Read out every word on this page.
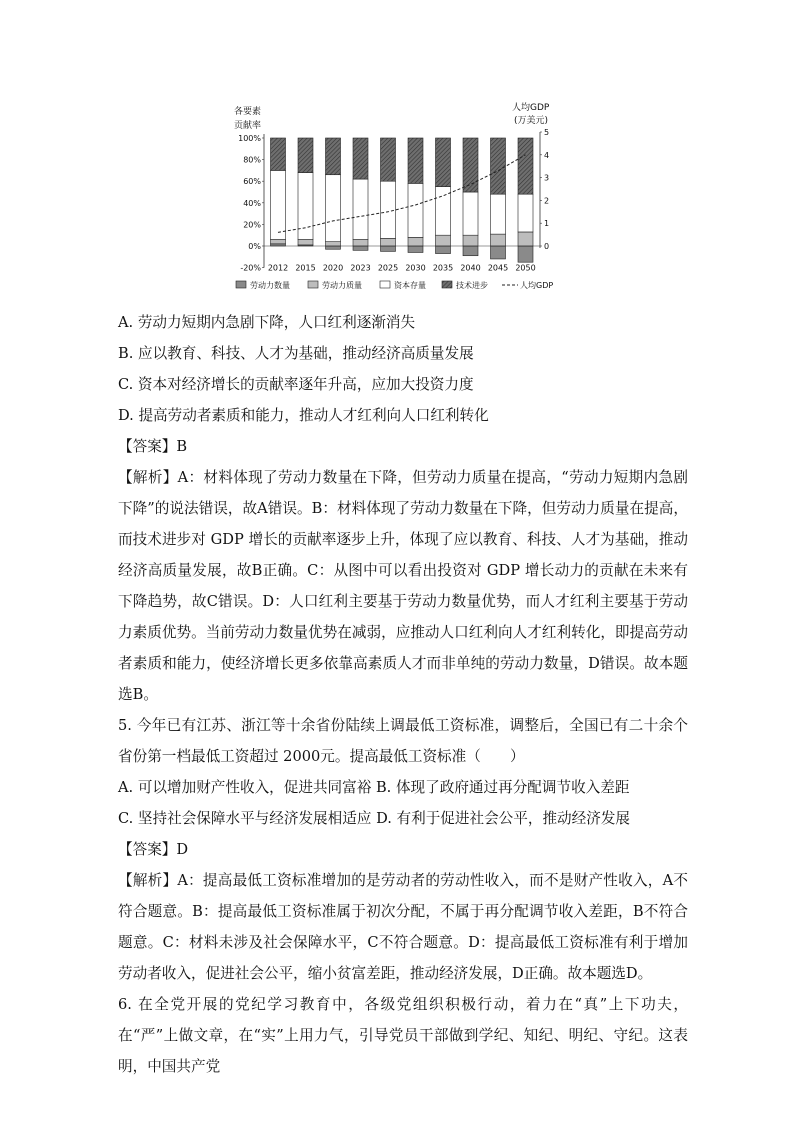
各要素
贡献率
人均GDP
(万美元)
100%
80%
60%
40%
20%
0%
-20%
5
4
3
2
1
0
2012 2015 2020 2023 2025 2030 2035 2040 2045 2050
劳动力数量	劳动力质量	资本存量	技术进步	人均GDP
A. 劳动力短期内急剧下降，人口红利逐渐消失
B. 应以教育、科技、人才为基础，推动经济高质量发展
C. 资本对经济增长的贡献率逐年升高，应加大投资力度
D. 提高劳动者素质和能力，推动人才红利向人口红利转化
【答案】B
【解析】A：材料体现了劳动力数量在下降，但劳动力质量在提高，“劳动力短期内急剧下降”的说法错误，故A错误。B：材料体现了劳动力数量在下降，但劳动力质量在提高，而技术进步对 GDP 增长的贡献率逐步上升，体现了应以教育、科技、人才为基础，推动经济高质量发展，故B正确。C：从图中可以看出投资对 GDP 增长动力的贡献在未来有下降趋势，故C错误。D：人口红利主要基于劳动力数量优势，而人才红利主要基于劳动力素质优势。当前劳动力数量优势在减弱，应推动人口红利向人才红利转化，即提高劳动者素质和能力，使经济增长更多依靠高素质人才而非单纯的劳动力数量，D错误。故本题选B。
5. 今年已有江苏、浙江等十余省份陆续上调最低工资标准，调整后，全国已有二十余个省份第一档最低工资超过 2000元。提高最低工资标准（　　）
A. 可以增加财产性收入，促进共同富裕 B. 体现了政府通过再分配调节收入差距
C. 坚持社会保障水平与经济发展相适应 D. 有利于促进社会公平，推动经济发展
【答案】D
【解析】A：提高最低工资标准增加的是劳动者的劳动性收入，而不是财产性收入，A不符合题意。B：提高最低工资标准属于初次分配，不属于再分配调节收入差距，B不符合题意。C：材料未涉及社会保障水平，C不符合题意。D：提高最低工资标准有利于增加劳动者收入，促进社会公平，缩小贫富差距，推动经济发展，D正确。故本题选D。
6. 在全党开展的党纪学习教育中，各级党组织积极行动，着力在“真”上下功夫，在“严”上做文章，在“实”上用力气，引导党员干部做到学纪、知纪、明纪、守纪。这表明，中国共产党
